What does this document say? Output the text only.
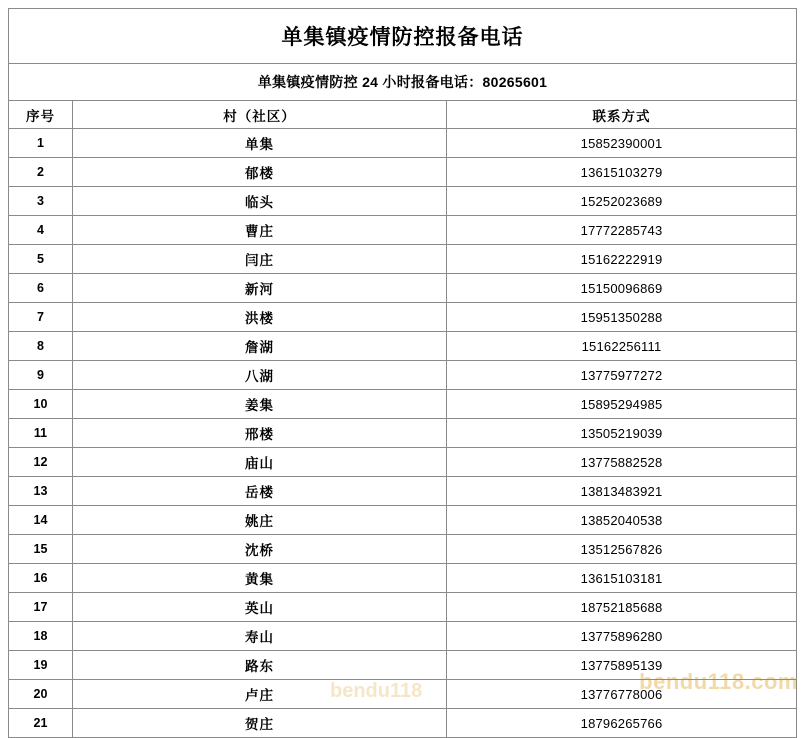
bendu118	bendu118.com
单集镇疫情防控报备电话		
单集镇疫情防控 24 小时报备电话：80265601		
序号	村（社区）	联系方式
1	单集	15852390001
2	郁楼	13615103279
3	临头	15252023689
4	曹庄	17772285743
5	闫庄	15162222919
6	新河	15150096869
7	洪楼	15951350288
8	詹湖	15162256111
9	八湖	13775977272
10	姜集	15895294985
11	邢楼	13505219039
12	庙山	13775882528
13	岳楼	13813483921
14	姚庄	13852040538
15	沈桥	13512567826
16	黄集	13615103181
17	英山	18752185688
18	寿山	13775896280
19	路东	13775895139
20	卢庄	13776778006
21	贺庄	18796265766
